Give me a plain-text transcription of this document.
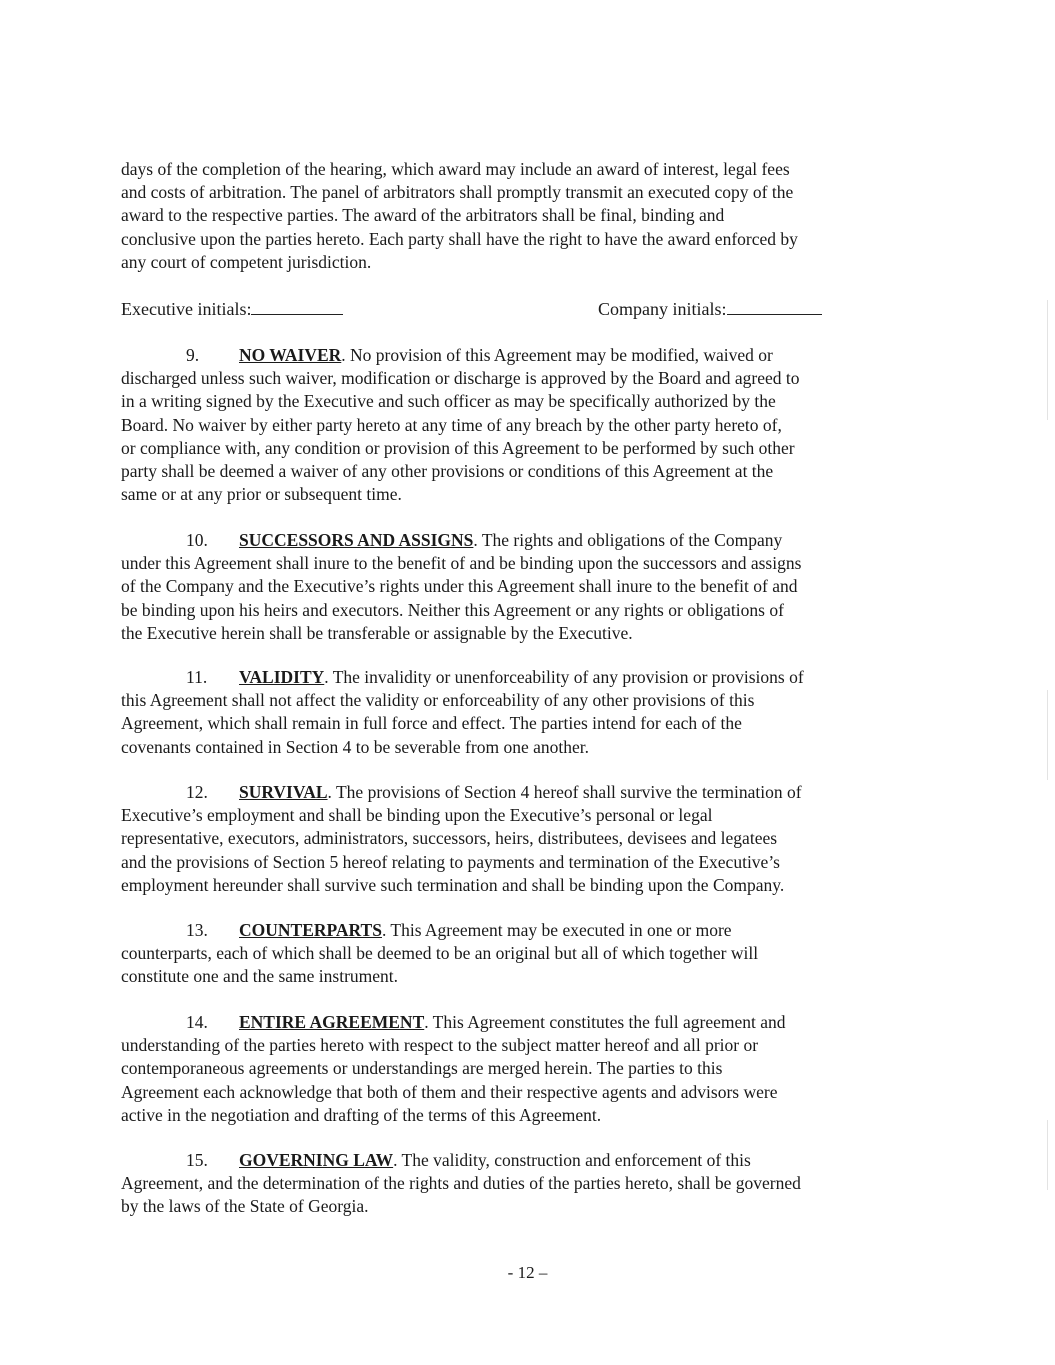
days of the completion of the hearing, which award may include an award of interest, legal fees
and costs of arbitration. The panel of arbitrators shall promptly transmit an executed copy of the
award to the respective parties. The award of the arbitrators shall be final, binding and
conclusive upon the parties hereto. Each party shall have the right to have the award enforced by
any court of competent jurisdiction.
Executive initials:	Company initials:
9. NO WAIVER. No provision of this Agreement may be modified, waived or
discharged unless such waiver, modification or discharge is approved by the Board and agreed to
in a writing signed by the Executive and such officer as may be specifically authorized by the
Board. No waiver by either party hereto at any time of any breach by the other party hereto of,
or compliance with, any condition or provision of this Agreement to be performed by such other
party shall be deemed a waiver of any other provisions or conditions of this Agreement at the
same or at any prior or subsequent time.
10. SUCCESSORS AND ASSIGNS. The rights and obligations of the Company
under this Agreement shall inure to the benefit of and be binding upon the successors and assigns
of the Company and the Executive’s rights under this Agreement shall inure to the benefit of and
be binding upon his heirs and executors. Neither this Agreement or any rights or obligations of
the Executive herein shall be transferable or assignable by the Executive.
11. VALIDITY. The invalidity or unenforceability of any provision or provisions of
this Agreement shall not affect the validity or enforceability of any other provisions of this
Agreement, which shall remain in full force and effect. The parties intend for each of the
covenants contained in Section 4 to be severable from one another.
12. SURVIVAL. The provisions of Section 4 hereof shall survive the termination of
Executive’s employment and shall be binding upon the Executive’s personal or legal
representative, executors, administrators, successors, heirs, distributees, devisees and legatees
and the provisions of Section 5 hereof relating to payments and termination of the Executive’s
employment hereunder shall survive such termination and shall be binding upon the Company.
13. COUNTERPARTS. This Agreement may be executed in one or more
counterparts, each of which shall be deemed to be an original but all of which together will
constitute one and the same instrument.
14. ENTIRE AGREEMENT. This Agreement constitutes the full agreement and
understanding of the parties hereto with respect to the subject matter hereof and all prior or
contemporaneous agreements or understandings are merged herein. The parties to this
Agreement each acknowledge that both of them and their respective agents and advisors were
active in the negotiation and drafting of the terms of this Agreement.
15. GOVERNING LAW. The validity, construction and enforcement of this
Agreement, and the determination of the rights and duties of the parties hereto, shall be governed
by the laws of the State of Georgia.
- 12 –
